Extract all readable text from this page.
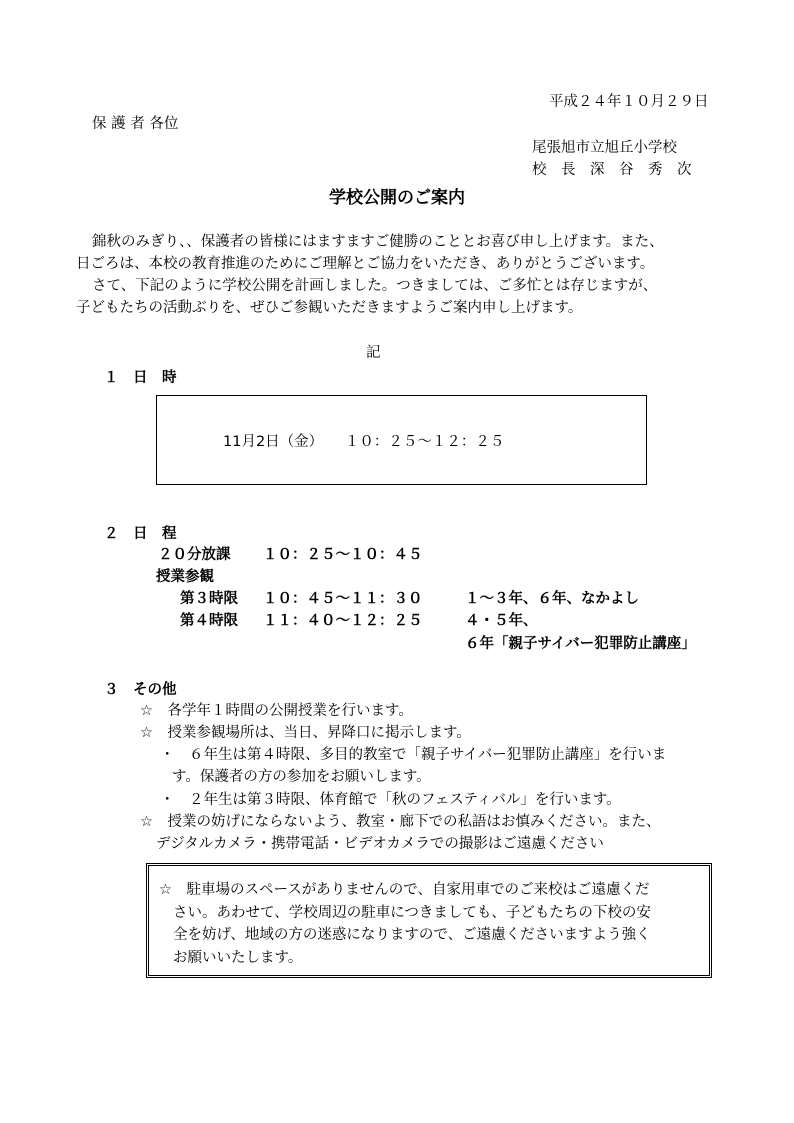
平成２４年１０月２９日
保 護 者 各位
尾張旭市立旭丘小学校
校　長　深　谷　秀　次
学校公開のご案内
錦秋のみぎり、、保護者の皆様にはますますご健勝のこととお喜び申し上げます。また、
日ごろは、本校の教育推進のためにご理解とご協力をいただき、ありがとうございます。
さて、下記のように学校公開を計画しました。つきましては、ご多忙とは存じますが、
子どもたちの活動ぶりを、ぜひご参観いただきますようご案内申し上げます。
記
１　日　時
11月2日（金）　　１０：２５～１２：２５
２　日　程
２０分放課 １０：２５～１０：４５
授業参観
第３時限 １０：４５～１１：３０	１～３年、６年、なかよし
第４時限 １１：４０～１２：２５	４・５年、
６年「親子サイバー犯罪防止講座」
３　その他
☆　各学年１時間の公開授業を行います。
☆　授業参観場所は、当日、昇降口に掲示します。
・　６年生は第４時限、多目的教室で「親子サイバー犯罪防止講座」を行いま
す。保護者の方の参加をお願いします。
・　２年生は第３時限、体育館で「秋のフェスティバル」を行います。
☆　授業の妨げにならないよう、教室・廊下での私語はお慎みください。また、
デジタルカメラ・携帯電話・ビデオカメラでの撮影はご遠慮ください
☆　駐車場のスペースがありませんので、自家用車でのご来校はご遠慮くだ
さい。あわせて、学校周辺の駐車につきましても、子どもたちの下校の安
全を妨げ、地域の方の迷惑になりますので、ご遠慮くださいますよう強く
お願いいたします。
